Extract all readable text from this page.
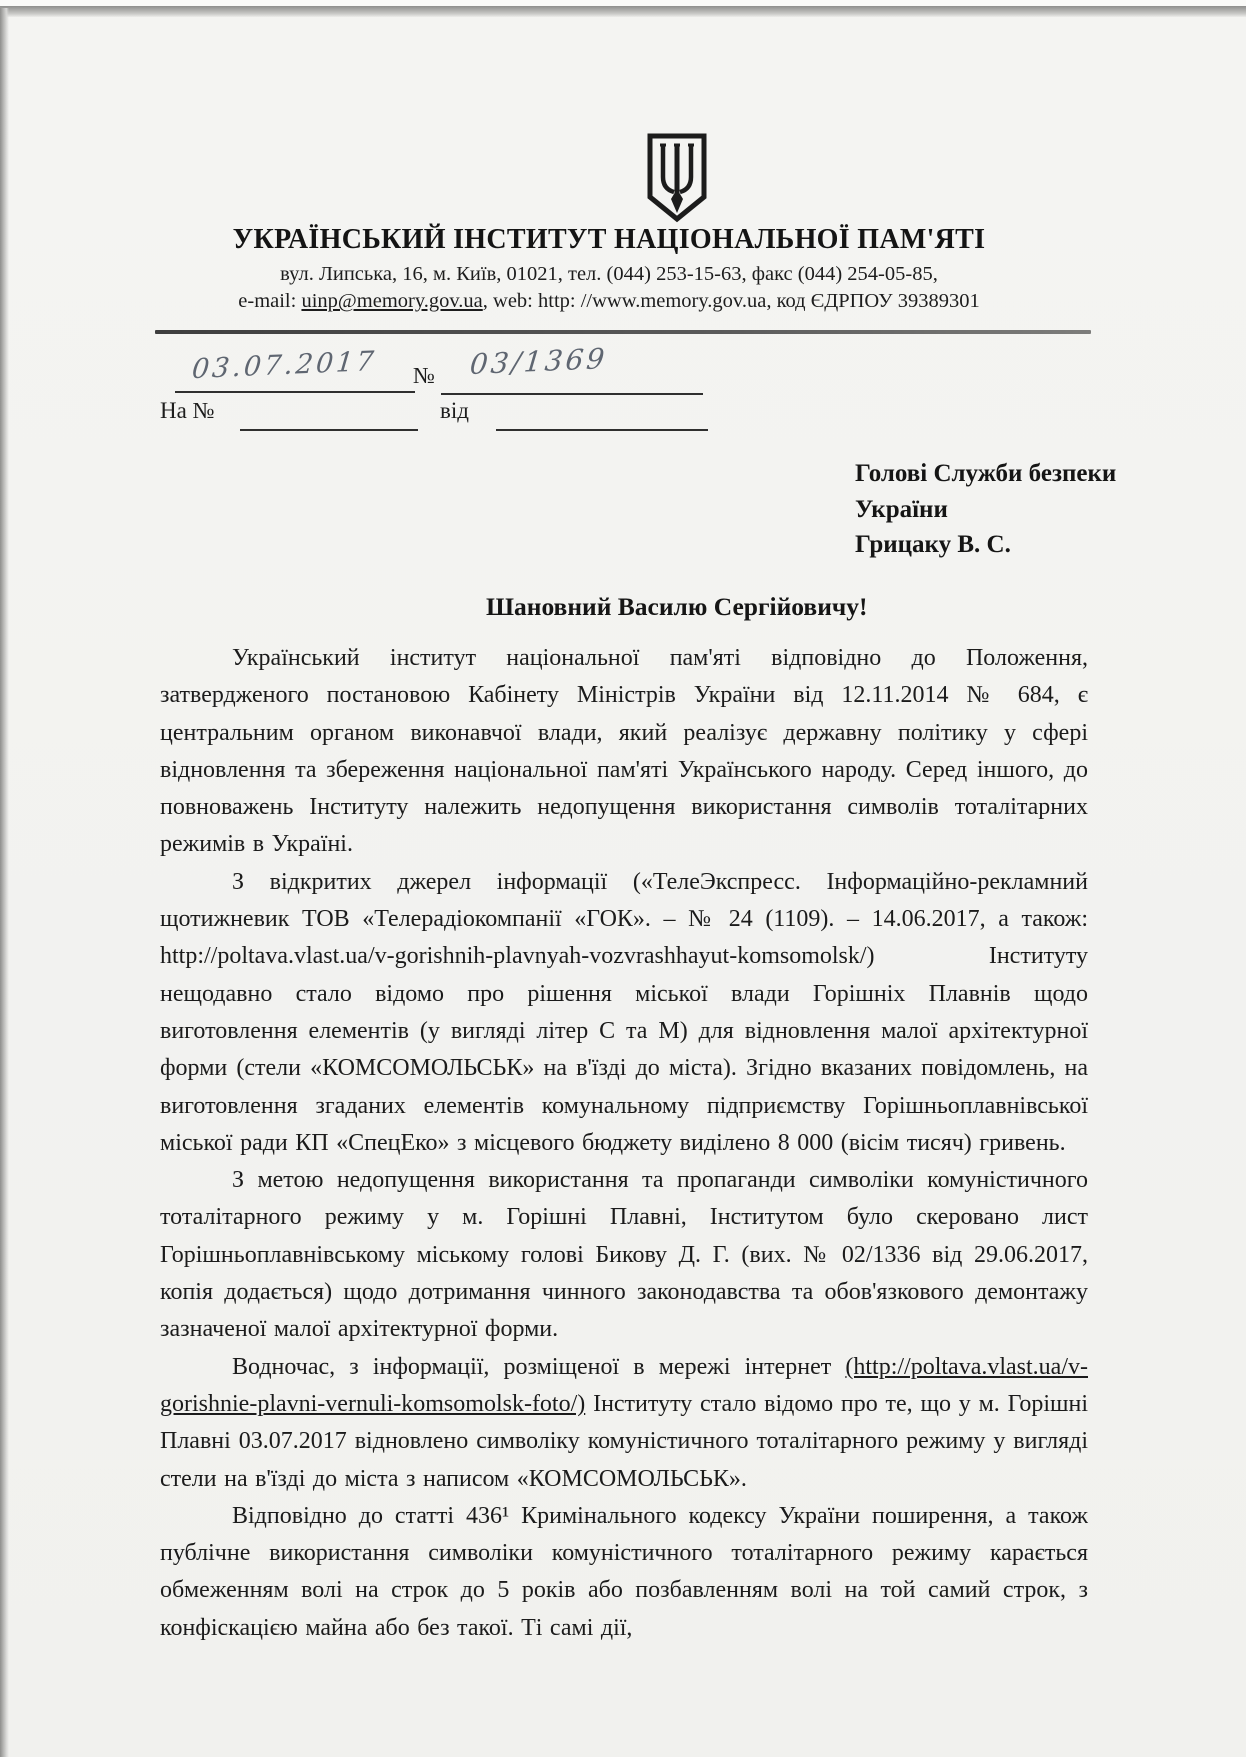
УКРАЇНСЬКИЙ ІНСТИТУТ НАЦІОНАЛЬНОЇ ПАМ'ЯТІ
вул. Липська, 16, м. Київ, 01021, тел. (044) 253-15-63, факс (044) 254-05-85,
e-mail: uinp@memory.gov.ua, web: http: //www.memory.gov.ua, код ЄДРПОУ 39389301
03.07.2017 № 03/1369
На №	від
Голові Служби безпеки
України
Грицаку В. С.
Шановний Василю Сергійовичу!

Український інститут національної пам'яті відповідно до Положення, затвердженого постановою Кабінету Міністрів України від 12.11.2014 № 684, є центральним органом виконавчої влади, який реалізує державну політику у сфері відновлення та збереження національної пам'яті Українського народу. Серед іншого, до повноважень Інституту належить недопущення використання символів тоталітарних режимів в Україні.

З відкритих джерел інформації («ТелеЭкспресс. Інформаційно-рекламний щотижневик ТОВ «Телерадіокомпанії «ГОК». – № 24 (1109). – 14.06.2017, а також: http://poltava.vlast.ua/v-gorishnih-plavnyah-vozvrashhayut-komsomolsk/) Інституту нещодавно стало відомо про рішення міської влади Горішніх Плавнів щодо виготовлення елементів (у вигляді літер С та М) для відновлення малої архітектурної форми (стели «КОМСОМОЛЬСЬК» на в'їзді до міста). Згідно вказаних повідомлень, на виготовлення згаданих елементів комунальному підприємству Горішньоплавнівської міської ради КП «СпецЕко» з місцевого бюджету виділено 8 000 (вісім тисяч) гривень.

З метою недопущення використання та пропаганди символіки комуністичного тоталітарного режиму у м. Горішні Плавні, Інститутом було скеровано лист Горішньоплавнівському міському голові Бикову Д. Г. (вих. № 02/1336 від 29.06.2017, копія додається) щодо дотримання чинного законодавства та обов'язкового демонтажу зазначеної малої архітектурної форми.

Водночас, з інформації, розміщеної в мережі інтернет (http://poltava.vlast.ua/v-gorishnie-plavni-vernuli-komsomolsk-foto/) Інституту стало відомо про те, що у м. Горішні Плавні 03.07.2017 відновлено символіку комуністичного тоталітарного режиму у вигляді стели на в'їзді до міста з написом «КОМСОМОЛЬСЬК».

Відповідно до статті 436¹ Кримінального кодексу України поширення, а також публічне використання символіки комуністичного тоталітарного режиму карається обмеженням волі на строк до 5 років або позбавленням волі на той самий строк, з конфіскацією майна або без такої. Ті самі дії,
